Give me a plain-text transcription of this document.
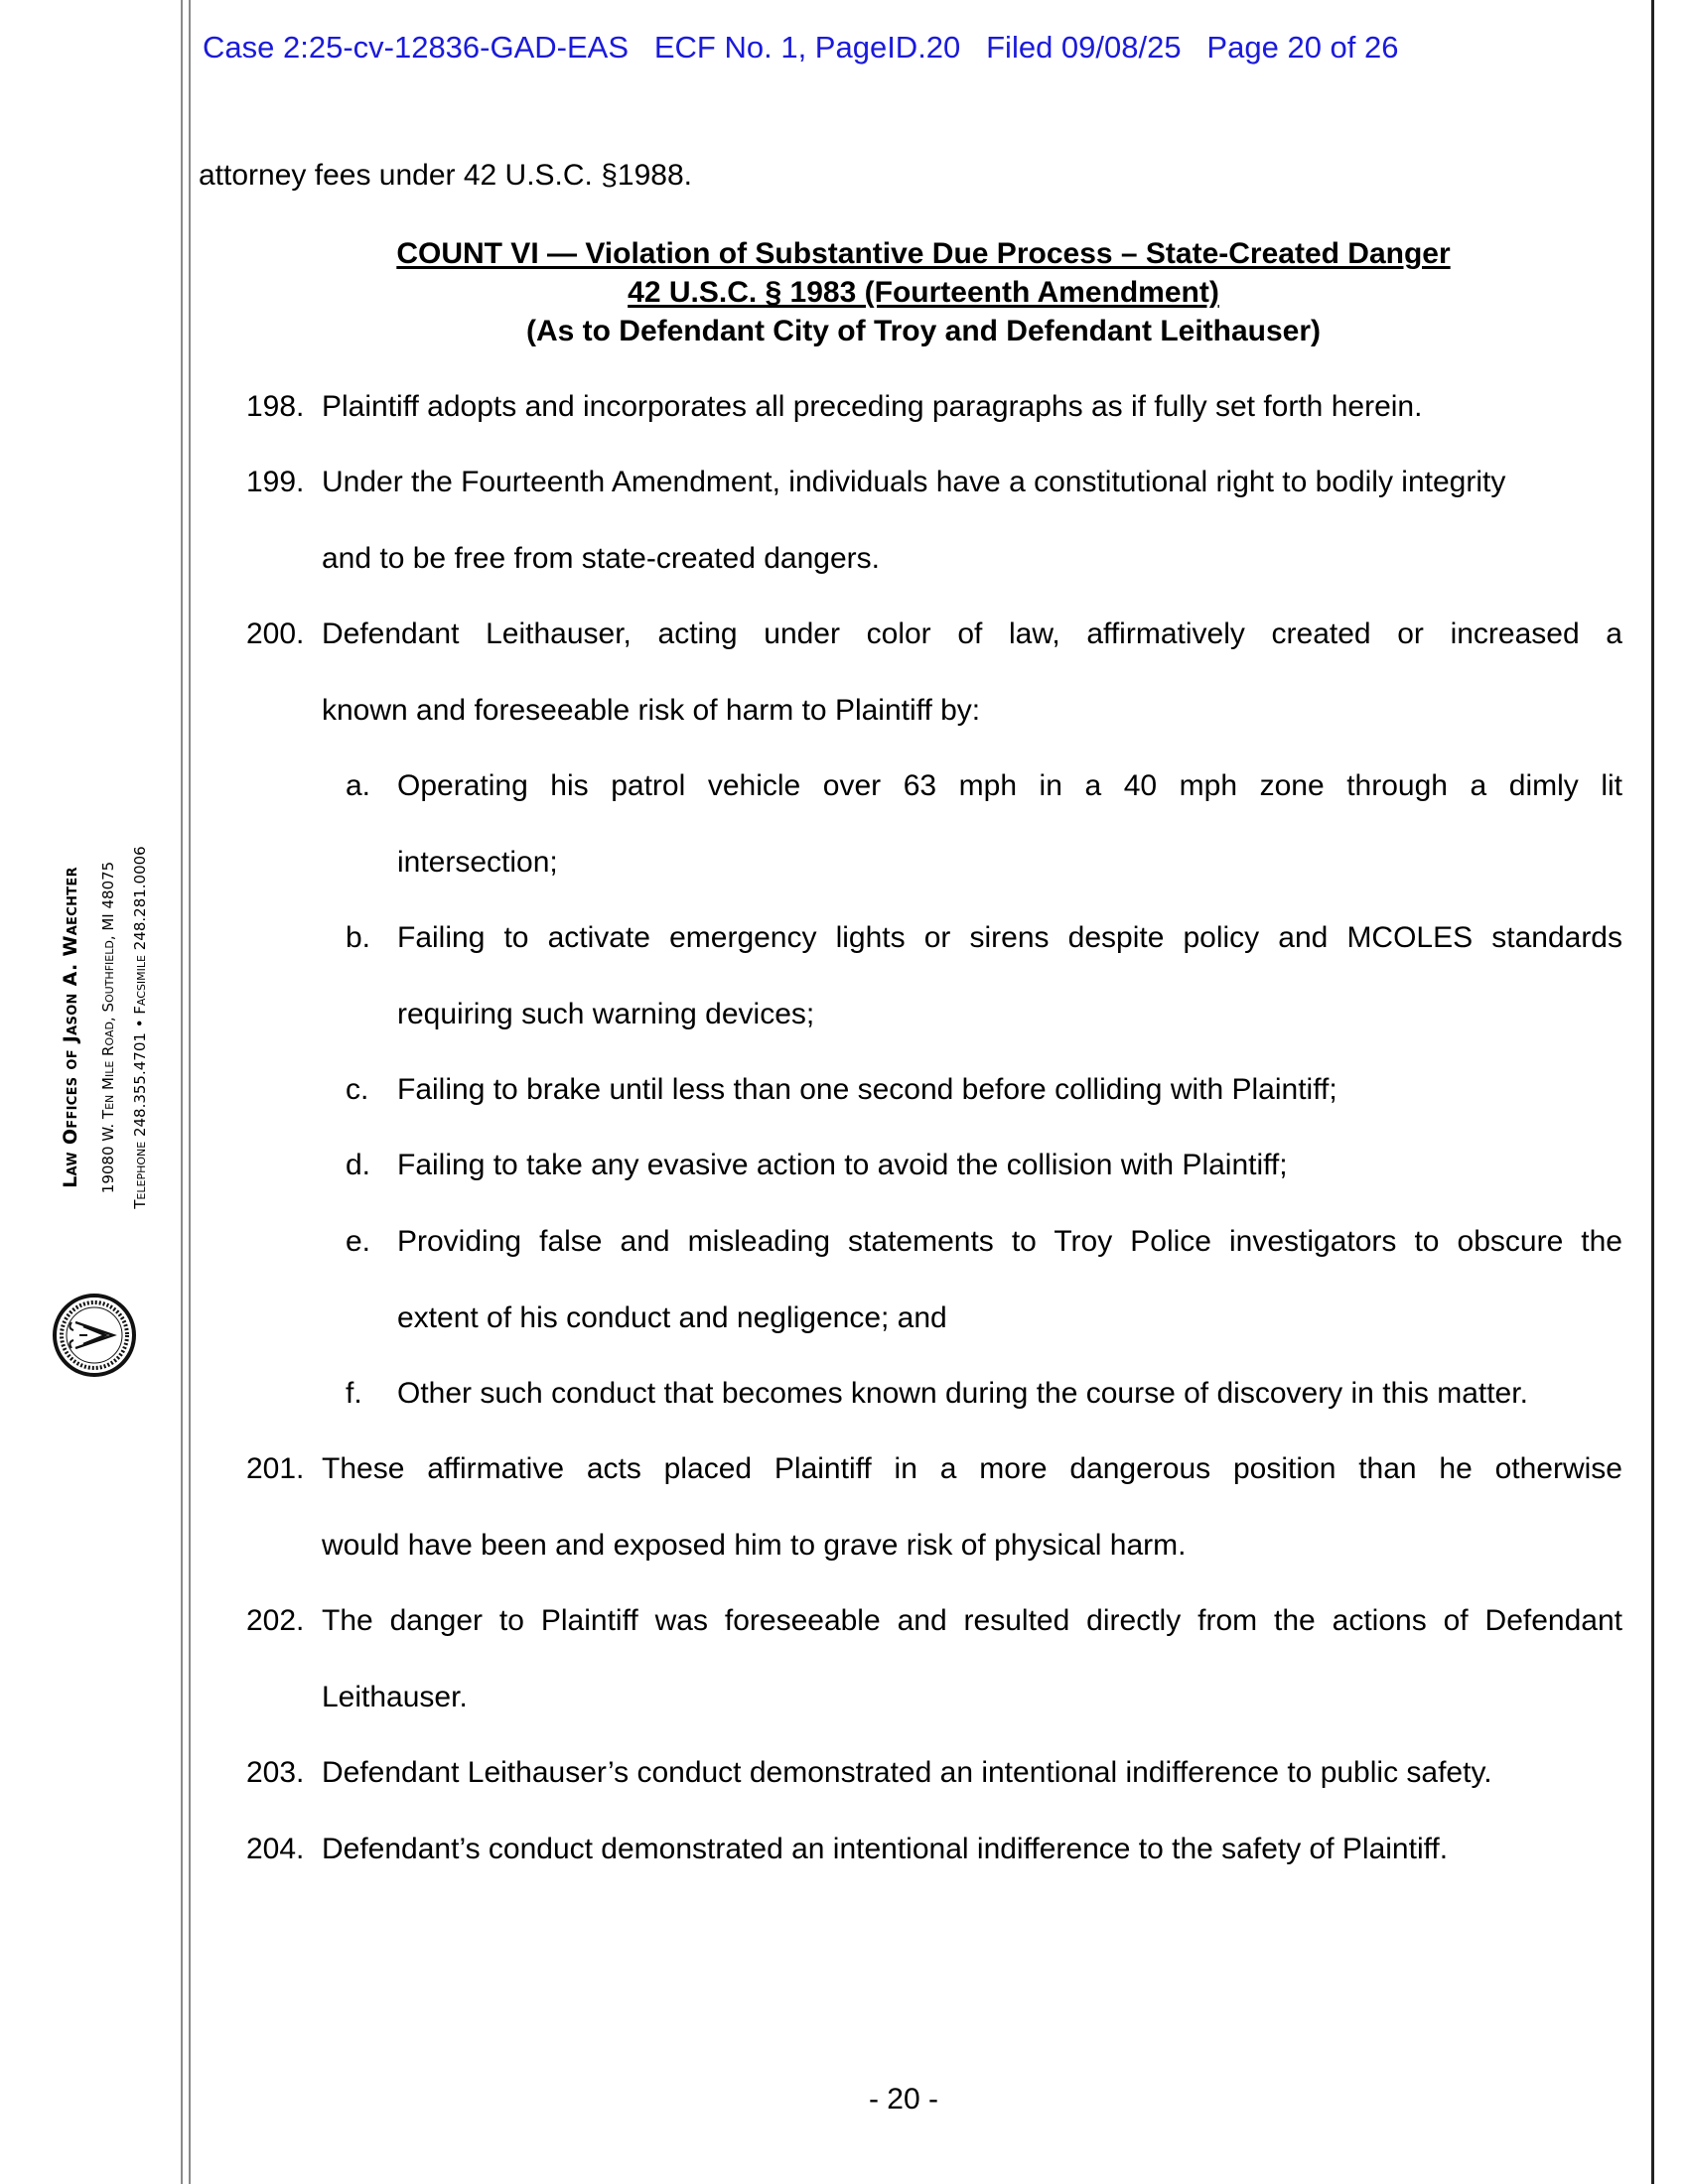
Case 2:25-cv-12836-GAD-EAS   ECF No. 1, PageID.20   Filed 09/08/25   Page 20 of 26
Law Offices of Jason A. Waechter 19080 W. Ten Mile Road, Southfield, MI 48075 Telephone 248.355.4701 • Facsimile 248.281.0006
attorney fees under 42 U.S.C. §1988.
COUNT VI — Violation of Substantive Due Process – State-Created Danger
42 U.S.C. § 1983 (Fourteenth Amendment)
(As to Defendant City of Troy and Defendant Leithauser)
198. Plaintiff adopts and incorporates all preceding paragraphs as if fully set forth herein.
199. Under the Fourteenth Amendment, individuals have a constitutional right to bodily integrity
and to be free from state-created dangers.
200. Defendant Leithauser, acting under color of law, affirmatively created or increased a
known and foreseeable risk of harm to Plaintiff by:
a. Operating his patrol vehicle over 63 mph in a 40 mph zone through a dimly lit
intersection;
b. Failing to activate emergency lights or sirens despite policy and MCOLES standards
requiring such warning devices;
c. Failing to brake until less than one second before colliding with Plaintiff;
d. Failing to take any evasive action to avoid the collision with Plaintiff;
e. Providing false and misleading statements to Troy Police investigators to obscure the
extent of his conduct and negligence; and
f. Other such conduct that becomes known during the course of discovery in this matter.
201. These affirmative acts placed Plaintiff in a more dangerous position than he otherwise
would have been and exposed him to grave risk of physical harm.
202. The danger to Plaintiff was foreseeable and resulted directly from the actions of Defendant
Leithauser.
203. Defendant Leithauser’s conduct demonstrated an intentional indifference to public safety.
204. Defendant’s conduct demonstrated an intentional indifference to the safety of Plaintiff.
- 20 -
